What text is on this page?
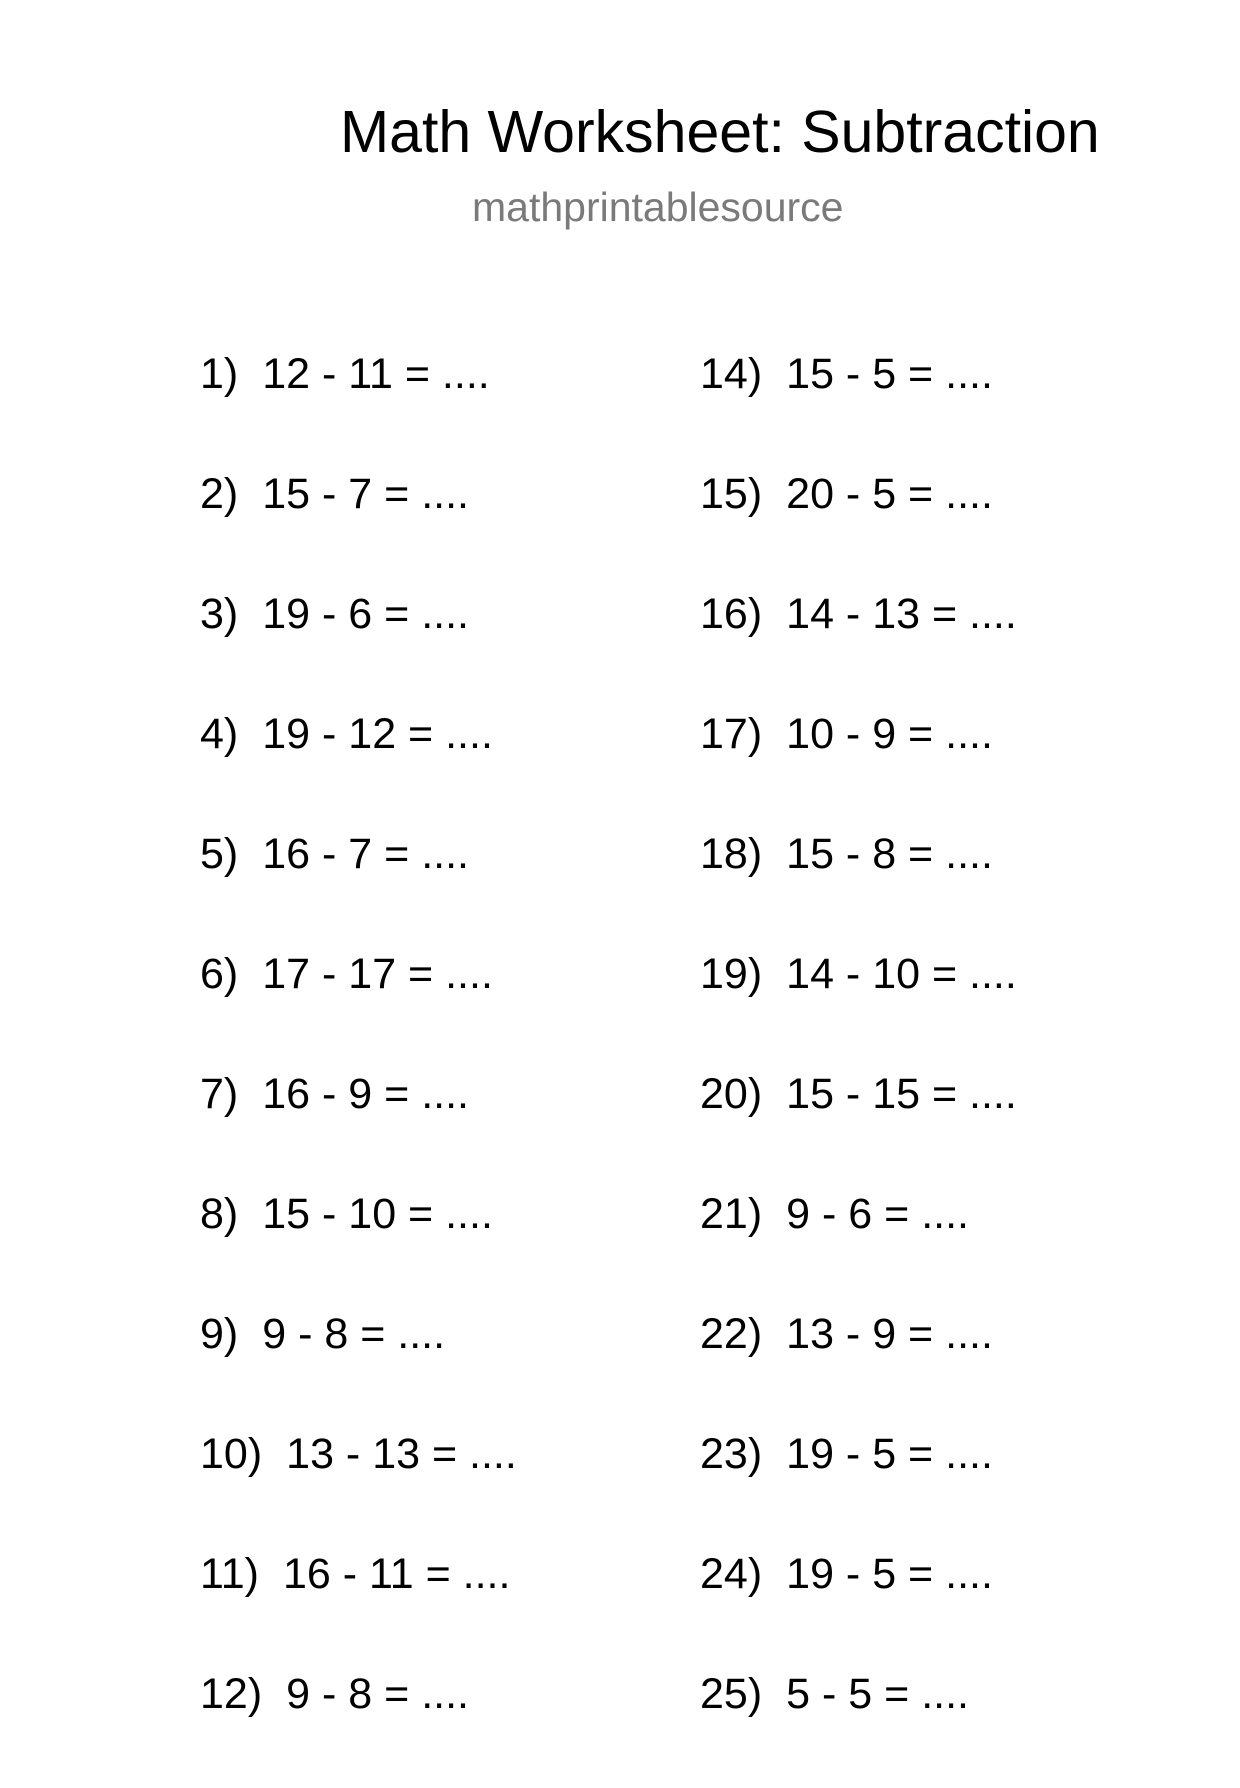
Math Worksheet: Subtraction
mathprintablesource
1) 12 - 11 = ....
2) 15 - 7 = ....
3) 19 - 6 = ....
4) 19 - 12 = ....
5) 16 - 7 = ....
6) 17 - 17 = ....
7) 16 - 9 = ....
8) 15 - 10 = ....
9) 9 - 8 = ....
10) 13 - 13 = ....
11) 16 - 11 = ....
12) 9 - 8 = ....
14) 15 - 5 = ....
15) 20 - 5 = ....
16) 14 - 13 = ....
17) 10 - 9 = ....
18) 15 - 8 = ....
19) 14 - 10 = ....
20) 15 - 15 = ....
21) 9 - 6 = ....
22) 13 - 9 = ....
23) 19 - 5 = ....
24) 19 - 5 = ....
25) 5 - 5 = ....
